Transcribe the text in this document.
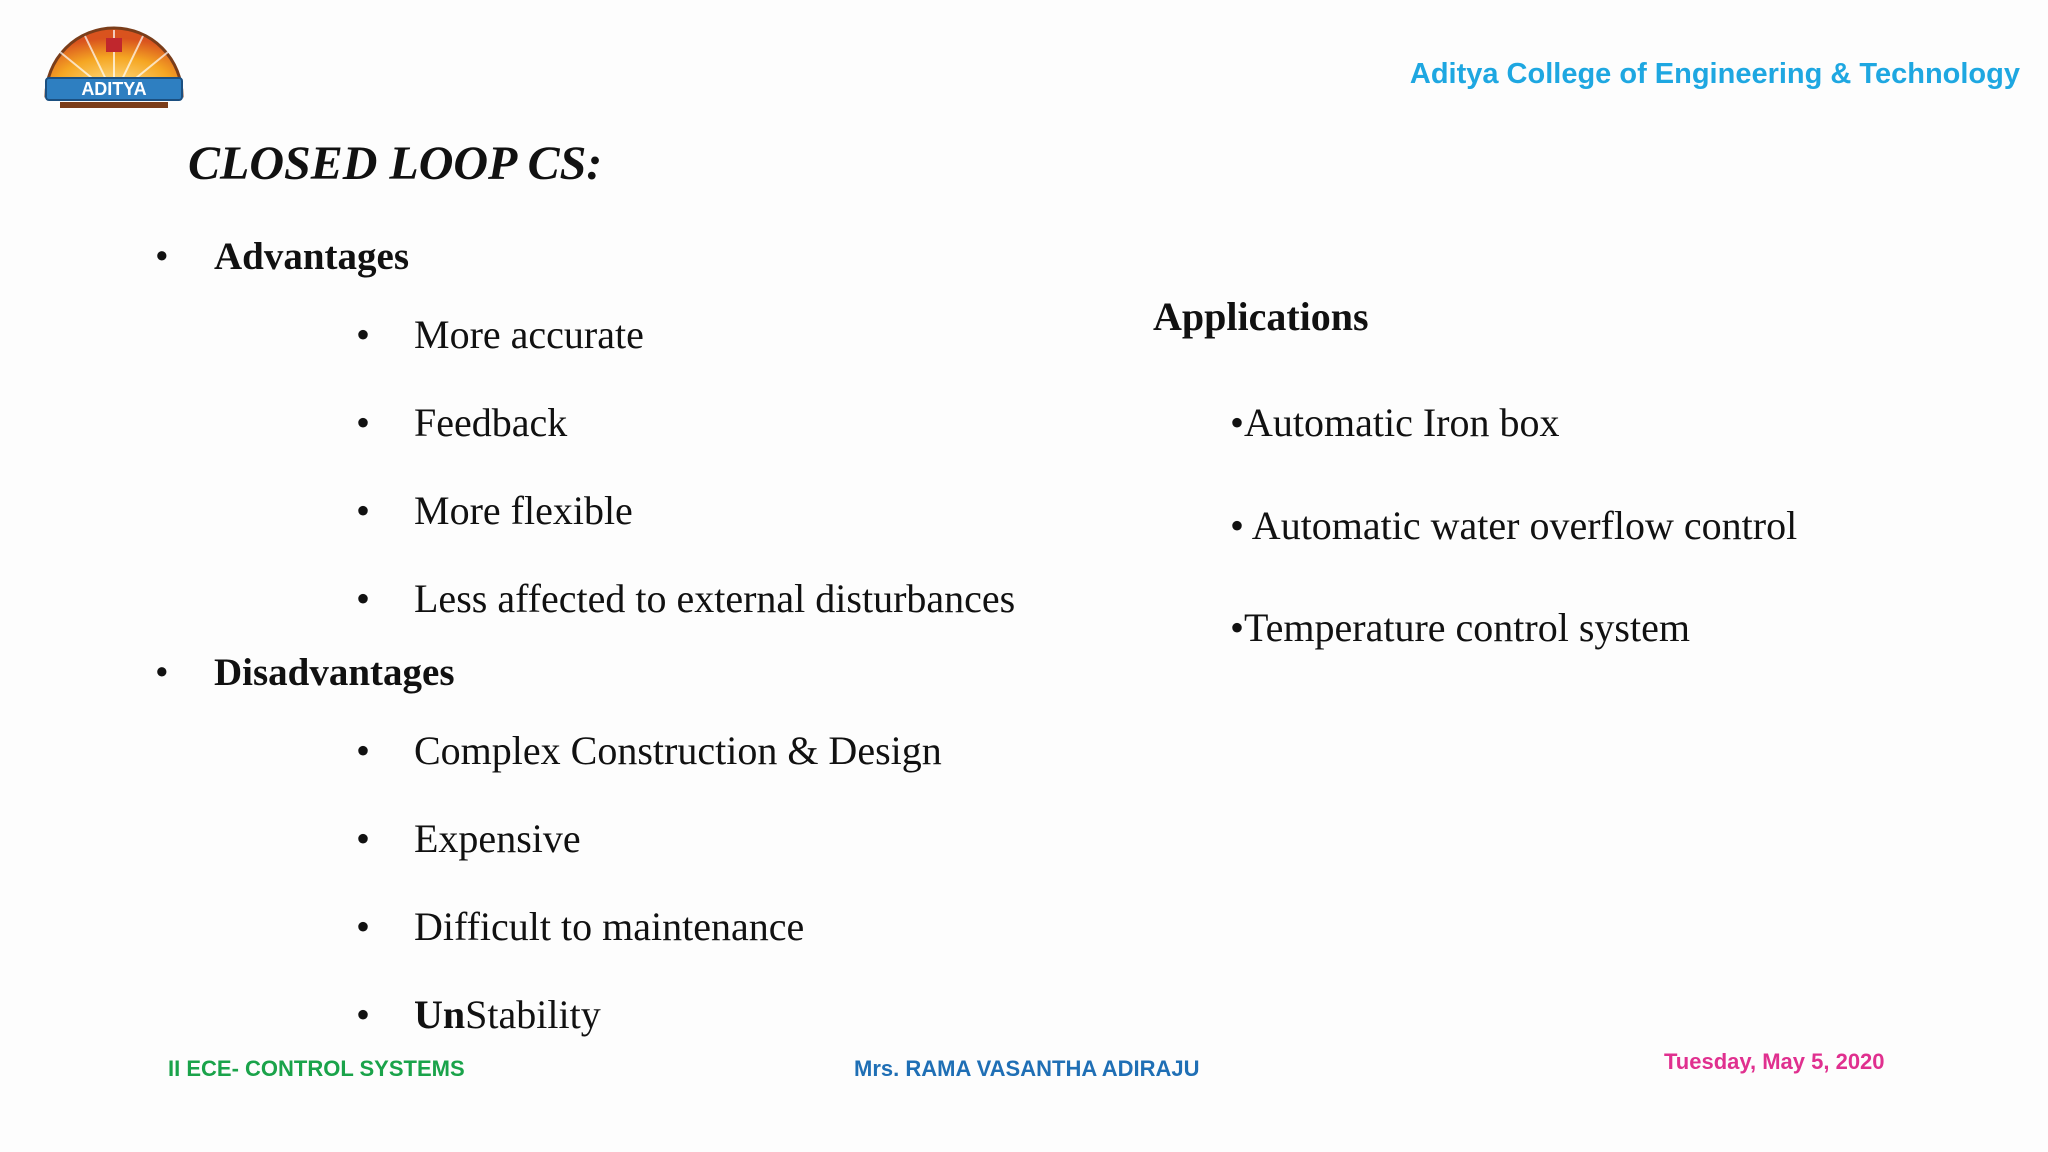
ADITYA	Aditya College of Engineering & Technology
CLOSED LOOP CS:
• Advantages
• More accurate
• Feedback
• More flexible
• Less affected to external disturbances
• Disadvantages
• Complex Construction & Design
• Expensive
• Difficult to maintenance
• UnStability
Applications
•Automatic Iron box
• Automatic water overflow control
•Temperature control system
II ECE- CONTROL SYSTEMS	Mrs. RAMA VASANTHA ADIRAJU	Tuesday, May 5, 2020
